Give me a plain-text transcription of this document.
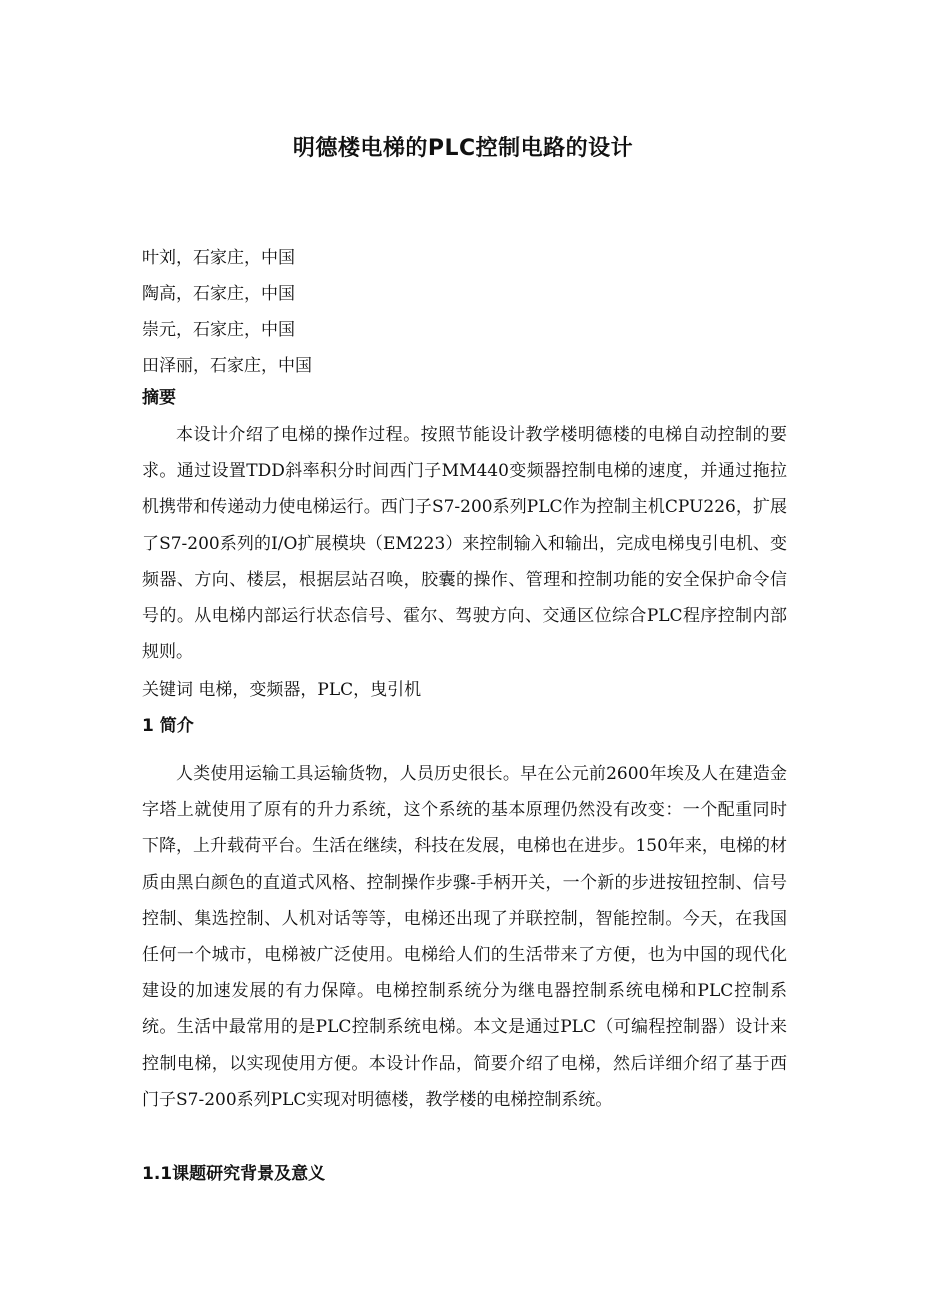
明德楼电梯的PLC控制电路的设计
叶刘，石家庄，中国
陶高，石家庄，中国
崇元，石家庄，中国
田泽丽，石家庄，中国
摘要

本设计介绍了电梯的操作过程。按照节能设计教学楼明德楼的电梯自动控制的要求。通过设置TDD斜率积分时间西门子MM440变频器控制电梯的速度，并通过拖拉机携带和传递动力使电梯运行。西门子S7-200系列PLC作为控制主机CPU226，扩展了S7-200系列的I/O扩展模块（EM223）来控制输入和输出，完成电梯曳引电机、变频器、方向、楼层，根据层站召唤，胶囊的操作、管理和控制功能的安全保护命令信号的。从电梯内部运行状态信号、霍尔、驾驶方向、交通区位综合PLC程序控制内部规则。

关键词 电梯，变频器，PLC，曳引机
1 简介

人类使用运输工具运输货物，人员历史很长。早在公元前2600年埃及人在建造金字塔上就使用了原有的升力系统，这个系统的基本原理仍然没有改变：一个配重同时下降，上升载荷平台。生活在继续，科技在发展，电梯也在进步。150年来，电梯的材质由黑白颜色的直道式风格、控制操作步骤-手柄开关，一个新的步进按钮控制、信号控制、集选控制、人机对话等等，电梯还出现了并联控制，智能控制。今天，在我国任何一个城市，电梯被广泛使用。电梯给人们的生活带来了方便，也为中国的现代化建设的加速发展的有力保障。电梯控制系统分为继电器控制系统电梯和PLC控制系统。生活中最常用的是PLC控制系统电梯。本文是通过PLC（可编程控制器）设计来控制电梯，以实现使用方便。本设计作品，简要介绍了电梯，然后详细介绍了基于西门子S7-200系列PLC实现对明德楼，教学楼的电梯控制系统。

1.1课题研究背景及意义
